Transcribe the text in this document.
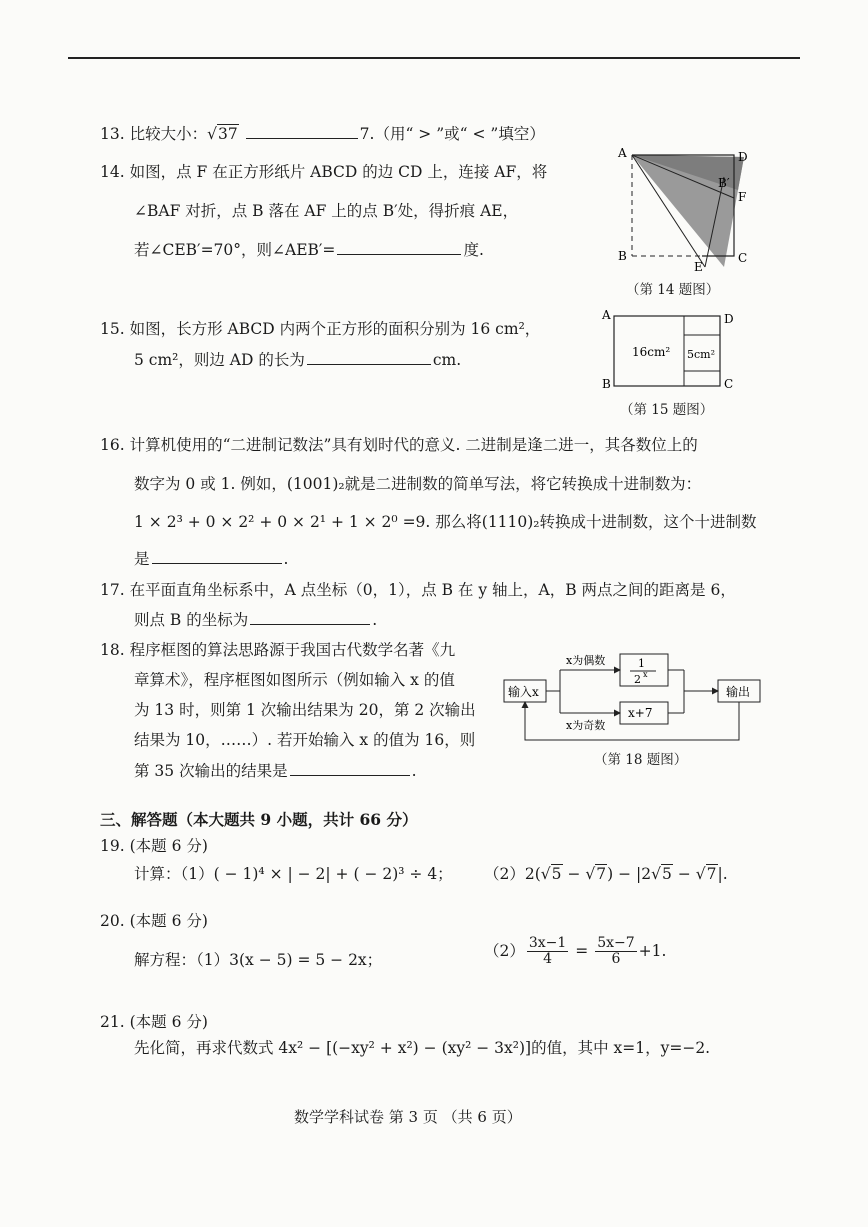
13. 比较大小：√37	7.（用“ > ”或“ < ”填空）
14. 如图，点 F 在正方形纸片 ABCD 的边 CD 上，连接 AF，将
∠BAF 对折，点 B 落在 AF 上的点 B′处，得折痕 AE，
若∠CEB′=70°，则∠AEB′=	度.
A	D
B′
F
B	C
E
（第 14 题图）
15. 如图，长方形 ABCD 内两个正方形的面积分别为 16 cm²，
5 cm²，则边 AD 的长为	cm.
A	D
B	C
16cm² 5cm²
（第 15 题图）
16. 计算机使用的“二进制记数法”具有划时代的意义. 二进制是逢二进一，其各数位上的
数字为 0 或 1. 例如，(1001)₂就是二进制数的简单写法，将它转换成十进制数为：
1 × 2³ + 0 × 2² + 0 × 2¹ + 1 × 2⁰ =9. 那么将(1110)₂转换成十进制数，这个十进制数
是	.
17. 在平面直角坐标系中，A 点坐标（0，1），点 B 在 y 轴上，A，B 两点之间的距离是 6，
则点 B 的坐标为	.
18. 程序框图的算法思路源于我国古代数学名著《九
章算术》，程序框图如图所示（例如输入 x 的值
为 13 时，则第 1 次输出结果为 20，第 2 次输出
结果为 10，……）. 若开始输入 x 的值为 16，则
第 35 次输出的结果是	.
输入x
1
2 x
x+7
输出
x为偶数
x为奇数
（第 18 题图）
三、解答题（本大题共 9 小题，共计 66 分）
19. (本题 6 分)
计算：（1）( − 1)⁴ × | − 2| + ( − 2)³ ÷ 4； （2）2(√5 − √7) − |2√5 − √7|.
20. (本题 6 分)
解方程：（1）3(x − 5) = 5 − 2x；
$(2) \frac{3x-1}{4} = \frac{5x-7}{6} +1$.
21. (本题 6 分)
先化简，再求代数式 4x² − [(−xy² + x²) − (xy² − 3x²)]的值，其中 x=1，y=−2.
数学学科试卷 第 3 页 （共 6 页）
